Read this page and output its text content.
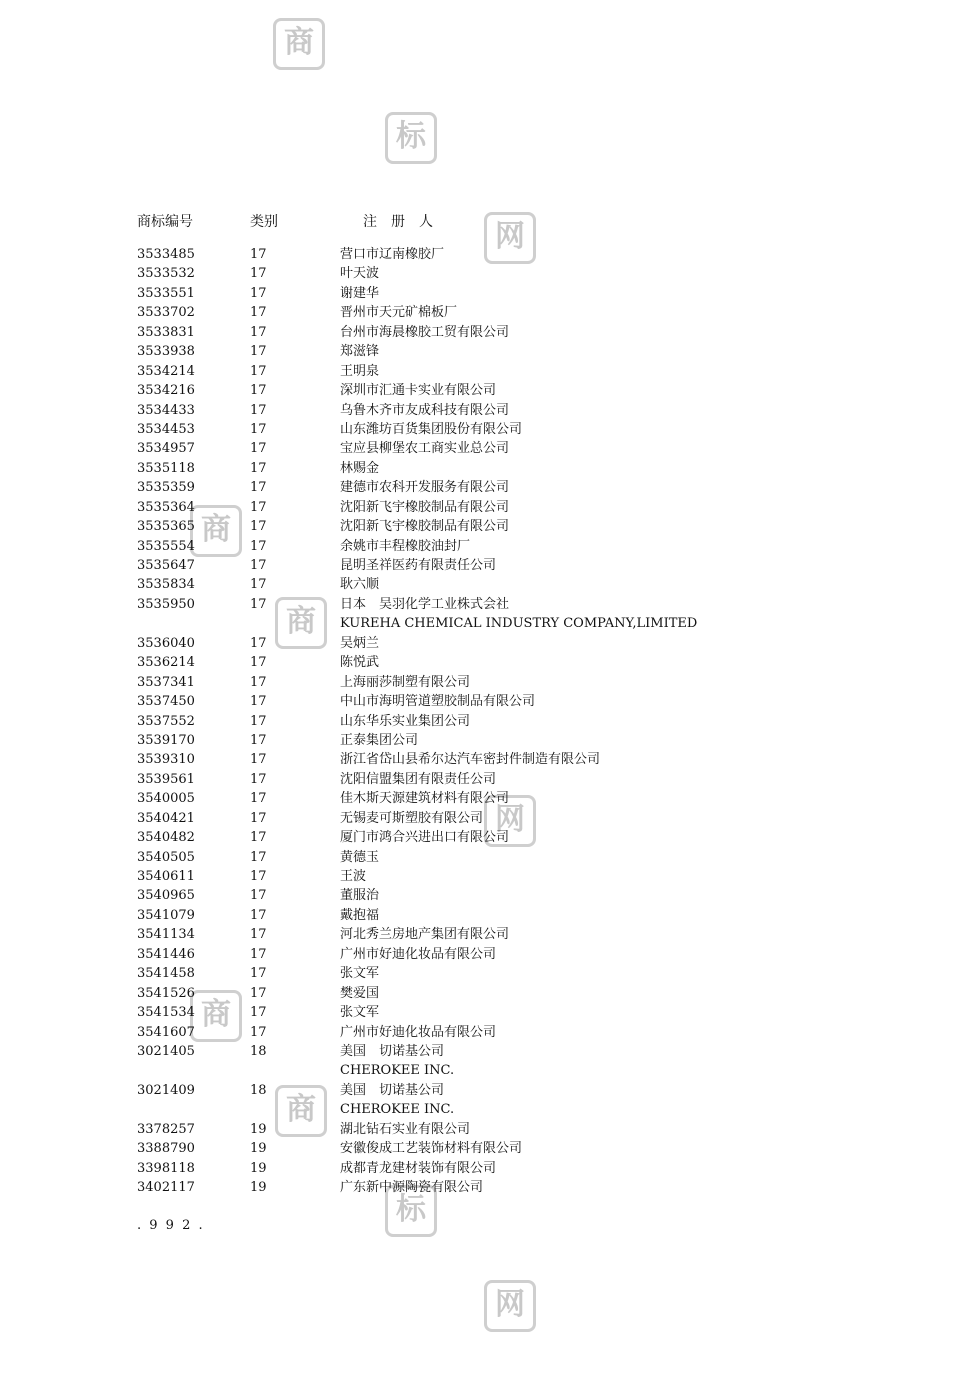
商
标
网
商
商
网
商
商
标
网
商标编号	类别	注　册　人
3533485	17	营口市辽南橡胶厂
3533532	17	叶天波
3533551	17	谢建华
3533702	17	晋州市天元矿棉板厂
3533831	17	台州市海晨橡胶工贸有限公司
3533938	17	郑滋锋
3534214	17	王明泉
3534216	17	深圳市汇通卡实业有限公司
3534433	17	乌鲁木齐市友成科技有限公司
3534453	17	山东潍坊百货集团股份有限公司
3534957	17	宝应县柳堡农工商实业总公司
3535118	17	林赐金
3535359	17	建德市农科开发服务有限公司
3535364	17	沈阳新飞宇橡胶制品有限公司
3535365	17	沈阳新飞宇橡胶制品有限公司
3535554	17	余姚市丰程橡胶油封厂
3535647	17	昆明圣祥医药有限责任公司
3535834	17	耿六顺
3535950	17	日本　吴羽化学工业株式会社
KUREHA CHEMICAL INDUSTRY COMPANY,LIMITED
3536040	17	吴炳兰
3536214	17	陈悦武
3537341	17	上海丽莎制塑有限公司
3537450	17	中山市海明管道塑胶制品有限公司
3537552	17	山东华乐实业集团公司
3539170	17	正泰集团公司
3539310	17	浙江省岱山县希尔达汽车密封件制造有限公司
3539561	17	沈阳信盟集团有限责任公司
3540005	17	佳木斯天源建筑材料有限公司
3540421	17	无锡麦可斯塑胶有限公司
3540482	17	厦门市鸿合兴进出口有限公司
3540505	17	黄德玉
3540611	17	王波
3540965	17	董服治
3541079	17	戴抱福
3541134	17	河北秀兰房地产集团有限公司
3541446	17	广州市好迪化妆品有限公司
3541458	17	张文军
3541526	17	樊爱国
3541534	17	张文军
3541607	17	广州市好迪化妆品有限公司
3021405	18	美国　切诺基公司
CHEROKEE INC.
3021409	18	美国　切诺基公司
CHEROKEE INC.
3378257	19	湖北钻石实业有限公司
3388790	19	安徽俊成工艺装饰材料有限公司
3398118	19	成都青龙建材装饰有限公司
3402117	19	广东新中源陶瓷有限公司
. 9 9 2 .
